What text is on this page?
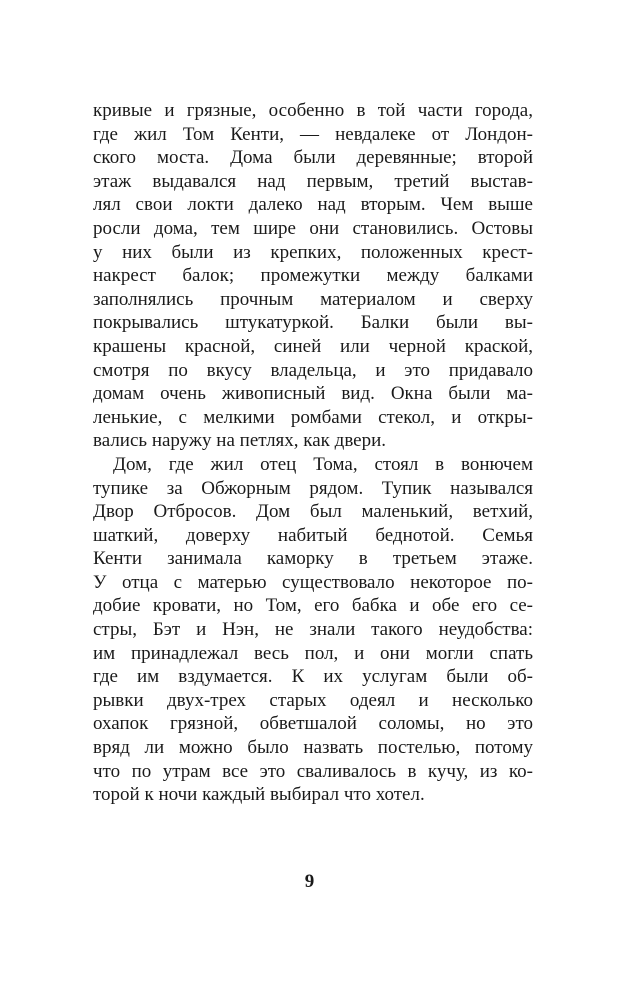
кривые и грязные, особенно в той части города,
где жил Том Кенти, — невдалеке от Лондон-
ского моста. Дома были деревянные; второй
этаж выдавался над первым, третий выстав-
лял свои локти далеко над вторым. Чем выше
росли дома, тем шире они становились. Остовы
у них были из крепких, положенных крест-
накрест балок; промежутки между балками
заполнялись прочным материалом и сверху
покрывались штукатуркой. Балки были вы-
крашены красной, синей или черной краской,
смотря по вкусу владельца, и это придавало
домам очень живописный вид. Окна были ма-
ленькие, с мелкими ромбами стекол, и откры-
вались наружу на петлях, как двери.
Дом, где жил отец Тома, стоял в вонючем
тупике за Обжорным рядом. Тупик назывался
Двор Отбросов. Дом был маленький, ветхий,
шаткий, доверху набитый беднотой. Семья
Кенти занимала каморку в третьем этаже.
У отца с матерью существовало некоторое по-
добие кровати, но Том, его бабка и обе его се-
стры, Бэт и Нэн, не знали такого неудобства:
им принадлежал весь пол, и они могли спать
где им вздумается. К их услугам были об-
рывки двух-трех старых одеял и несколько
охапок грязной, обветшалой соломы, но это
вряд ли можно было назвать постелью, потому
что по утрам все это сваливалось в кучу, из ко-
торой к ночи каждый выбирал что хотел.
9
